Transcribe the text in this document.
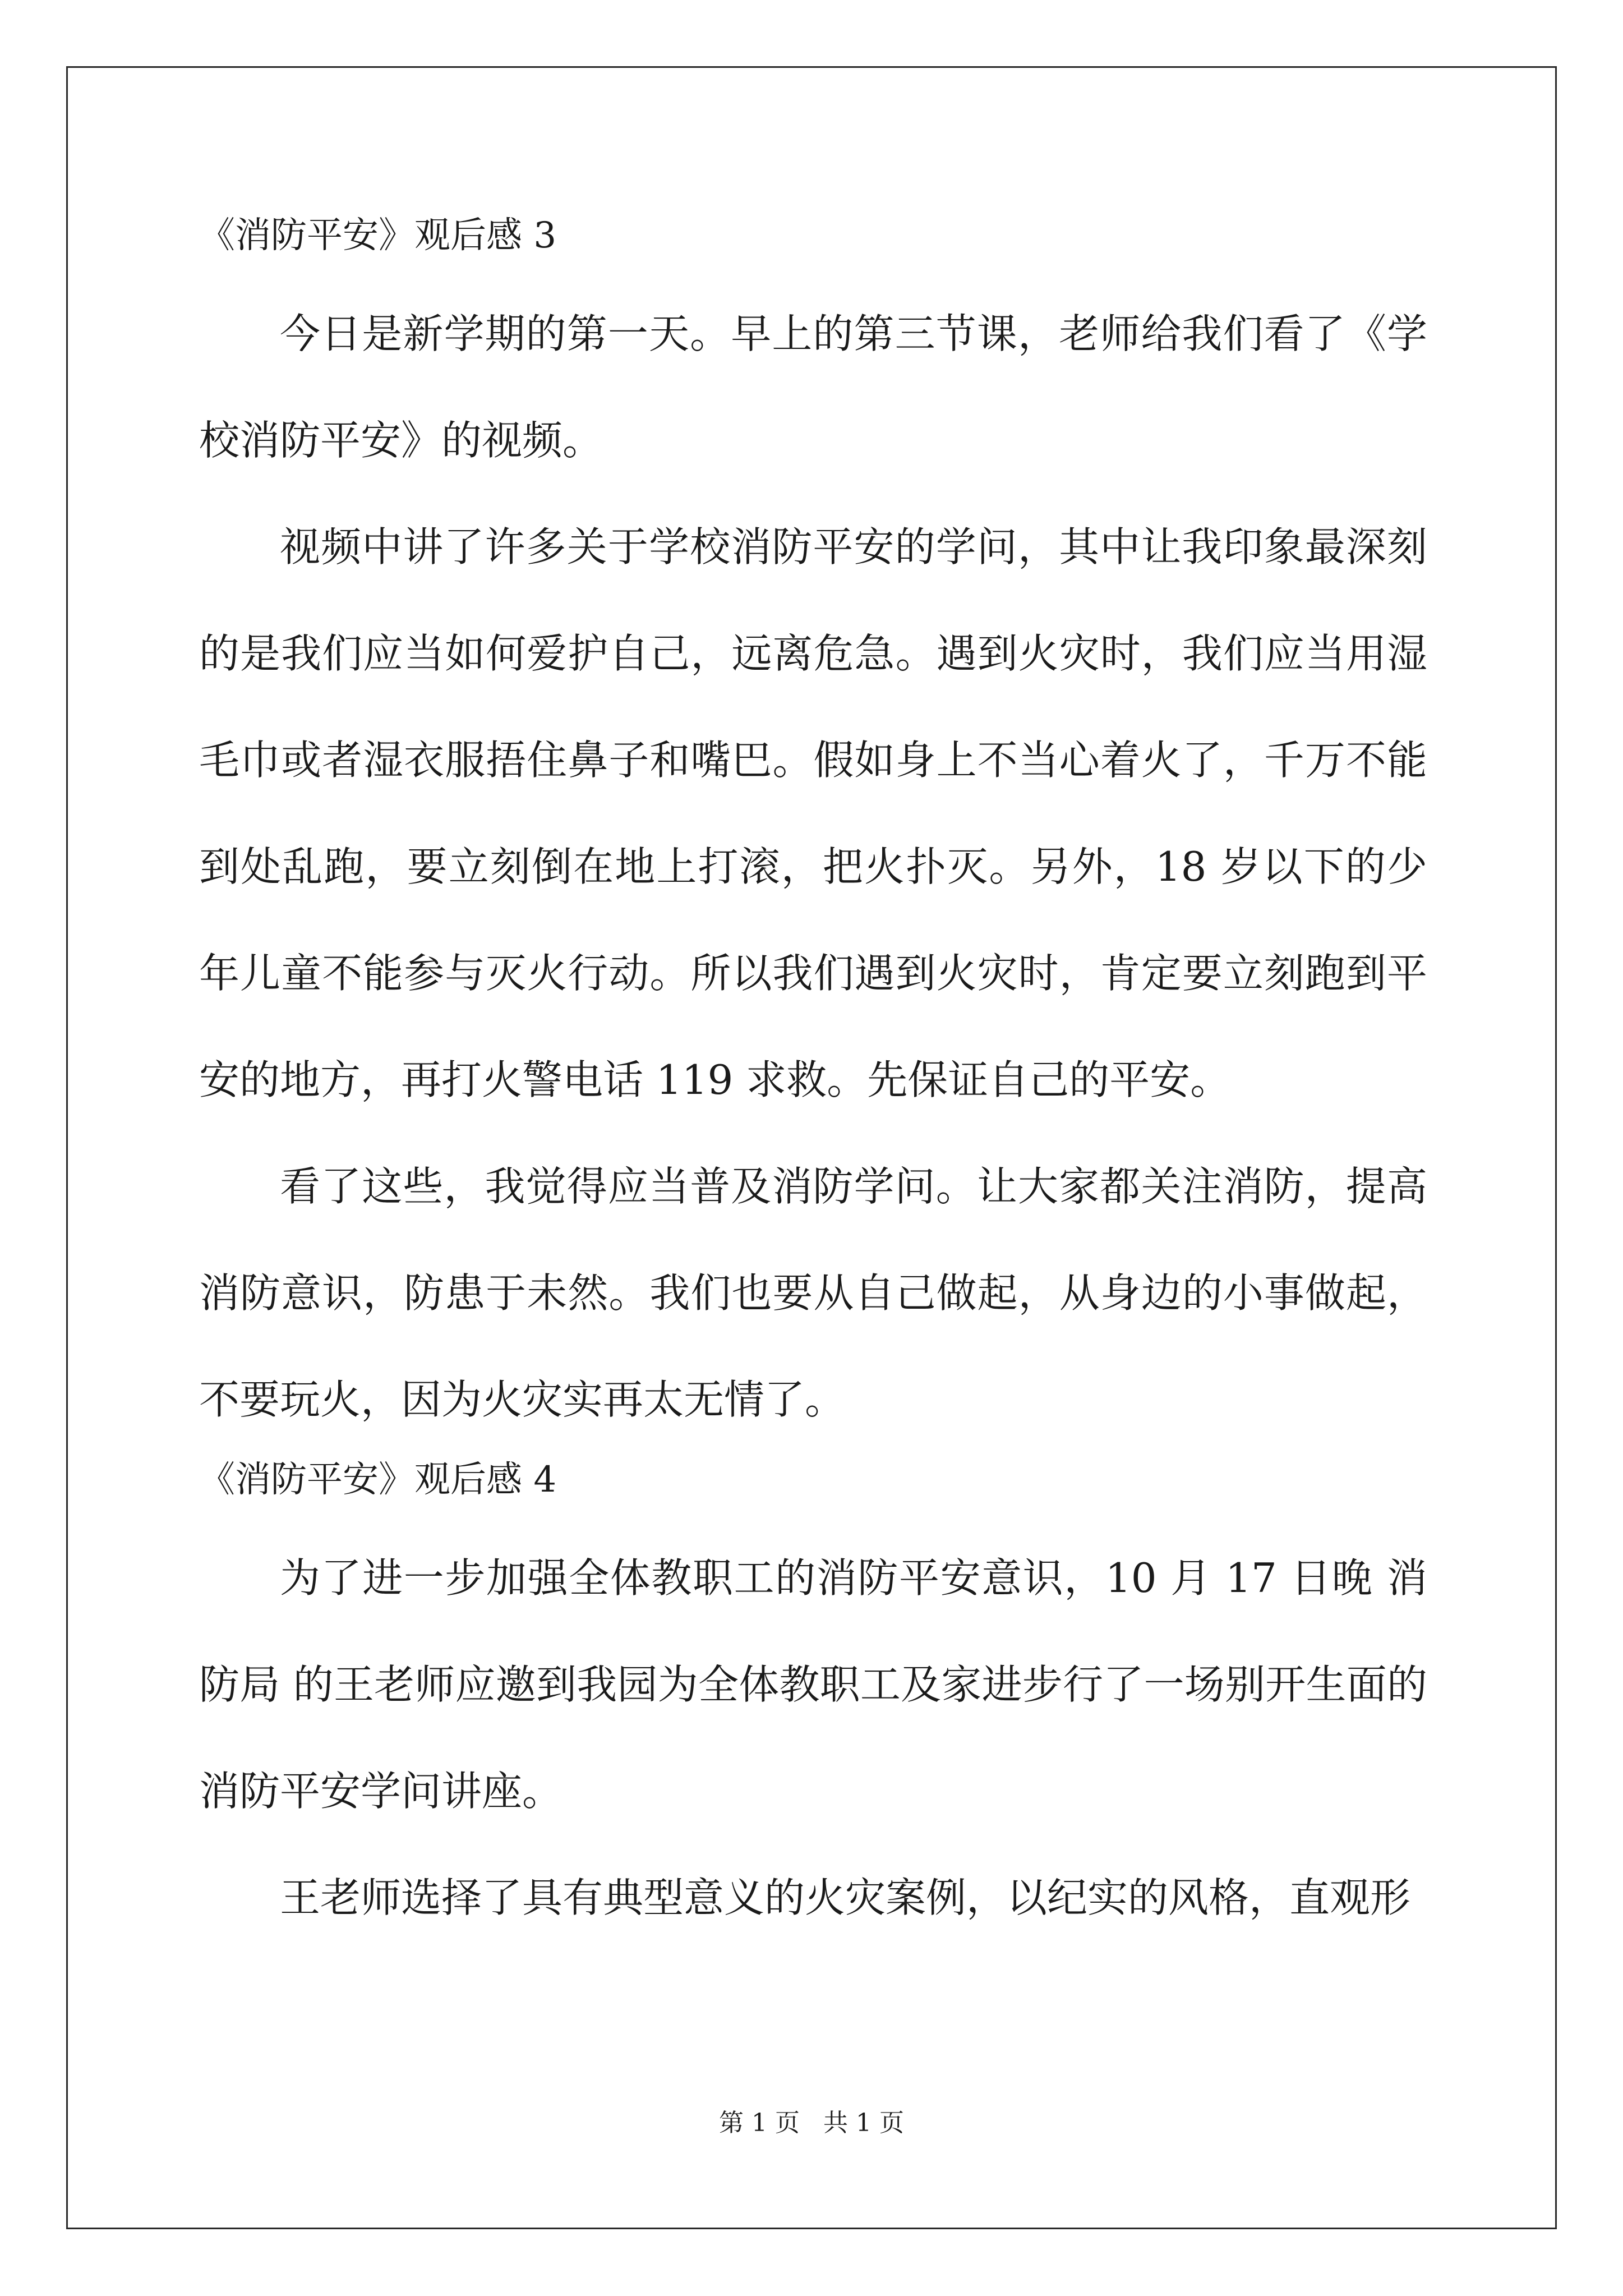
《消防平安》观后感 3

今日是新学期的第一天。早上的第三节课，老师给我们看了《学校消防平安》的视频。

视频中讲了许多关于学校消防平安的学问，其中让我印象最深刻的是我们应当如何爱护自己，远离危急。遇到火灾时，我们应当用湿毛巾或者湿衣服捂住鼻子和嘴巴。假如身上不当心着火了，千万不能到处乱跑，要立刻倒在地上打滚，把火扑灭。另外，18 岁以下的少年儿童不能参与灭火行动。所以我们遇到火灾时，肯定要立刻跑到平安的地方，再打火警电话 119 求救。先保证自己的平安。

看了这些，我觉得应当普及消防学问。让大家都关注消防，提高消防意识，防患于未然。我们也要从自己做起，从身边的小事做起，不要玩火，因为火灾实再太无情了。

《消防平安》观后感 4

为了进一步加强全体教职工的消防平安意识，10 月 17 日晚 消防局 的王老师应邀到我园为全体教职工及家进步行了一场别开生面的消防平安学问讲座。

王老师选择了具有典型意义的火灾案例，以纪实的风格，直观形

第 1 页   共 1 页
